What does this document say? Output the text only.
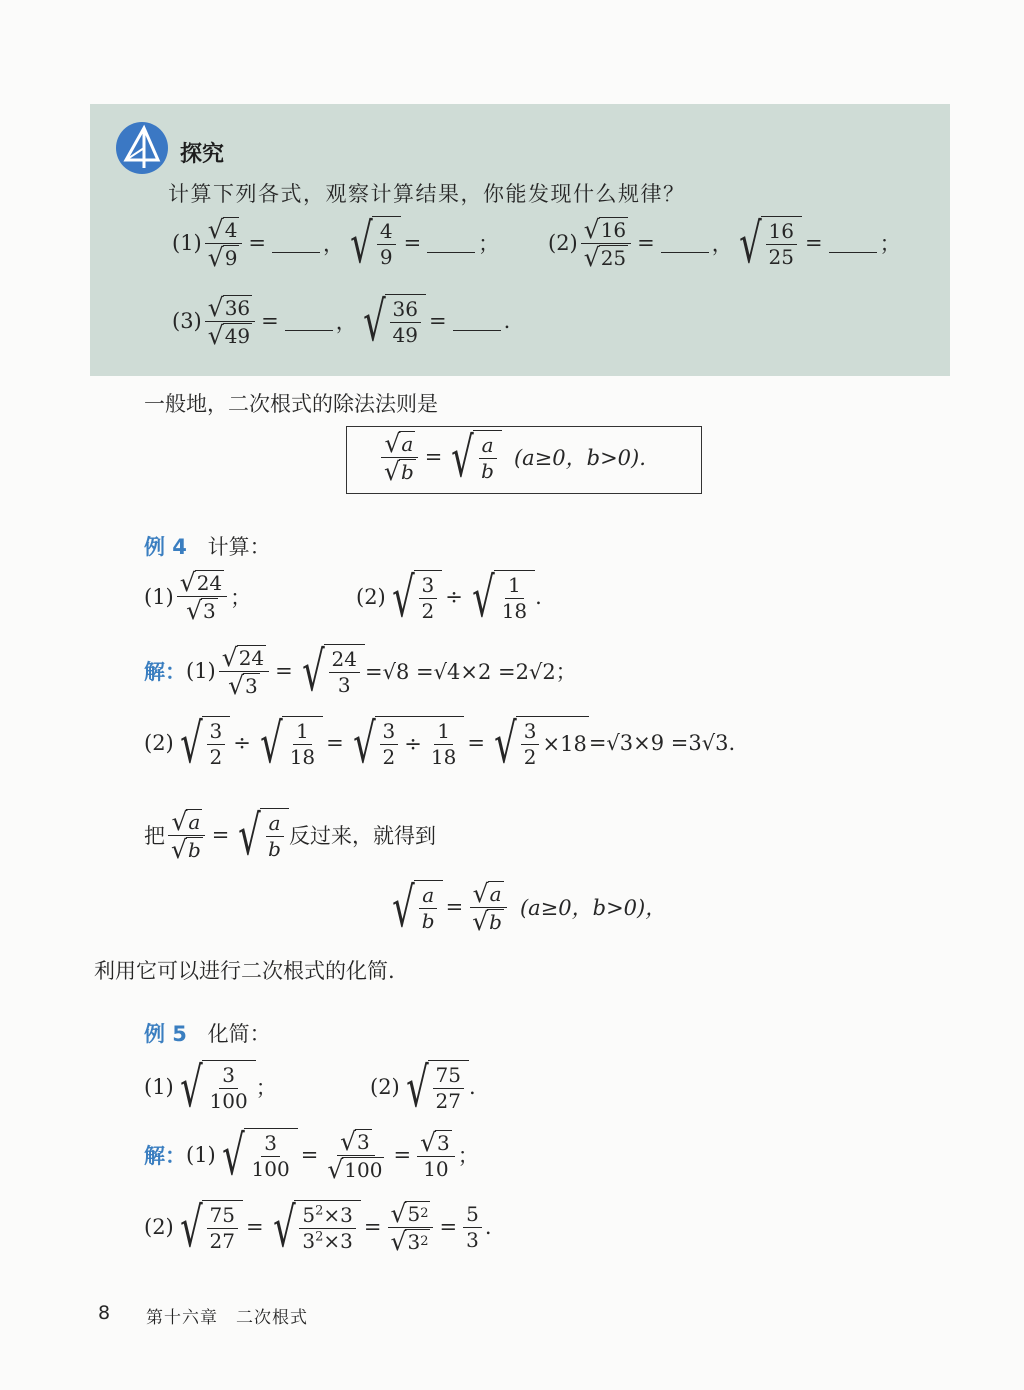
探究
计算下列各式，观察计算结果，你能发现什么规律？
$(1) \frac{√ 4}{√ 9}$ =	， √ $\frac{4}{9}$ =	； $(2) \frac{√ 16}{√ 25}$ =	， √ $\frac{16}{25}$ =	；
$(3) \frac{√ 36}{√ 49}$ =	， √ $\frac{36}{49}$ =	.
一般地，二次根式的除法法则是
$\frac{√ a}{√ b}$ = √ $\frac{a}{b} (a\ge 0$，b>0).
例 4 计算：
$(1) \frac{√ 24}{√ 3}$ ；	(2) √ $\frac{3}{2}$ ÷ √ $\frac{1}{18}$ .
解： $(1) \frac{√ 24}{√ 3}$ = √ $\frac{24}{3} =√8 =√4\times 2 =2√2$；
(2) √ $\frac{3}{2}$ ÷ √ $\frac{1}{18}$ = √ $\frac{3}{2} \div \frac{1}{18}$ = √ $\frac{3}{2} \times 18 =√3\times 9 =3√3$.
把 $\frac{√ a}{√ b}$ = √ $\frac{a}{b}$ 反过来，就得到
√ $\frac{a}{b} = \frac{√ a}{√ b} (a\ge 0$，b>0)，
利用它可以进行二次根式的化简.
例 5 化简：
(1) √ $\frac{3}{100}$ ；	(2) √ $\frac{75}{27}$ .
解： (1) √ $\frac{3}{100} = \frac{√ 3}{√ 100} = \frac{√ 3}{10}$ ；
(2) √ $\frac{75}{27}$ = √ $\frac{5^2\times 3}{3^2\times 3} = \frac{√ 5 2}{√ 3 2} = \frac{5}{3}$ .
8 第十六章　二次根式
